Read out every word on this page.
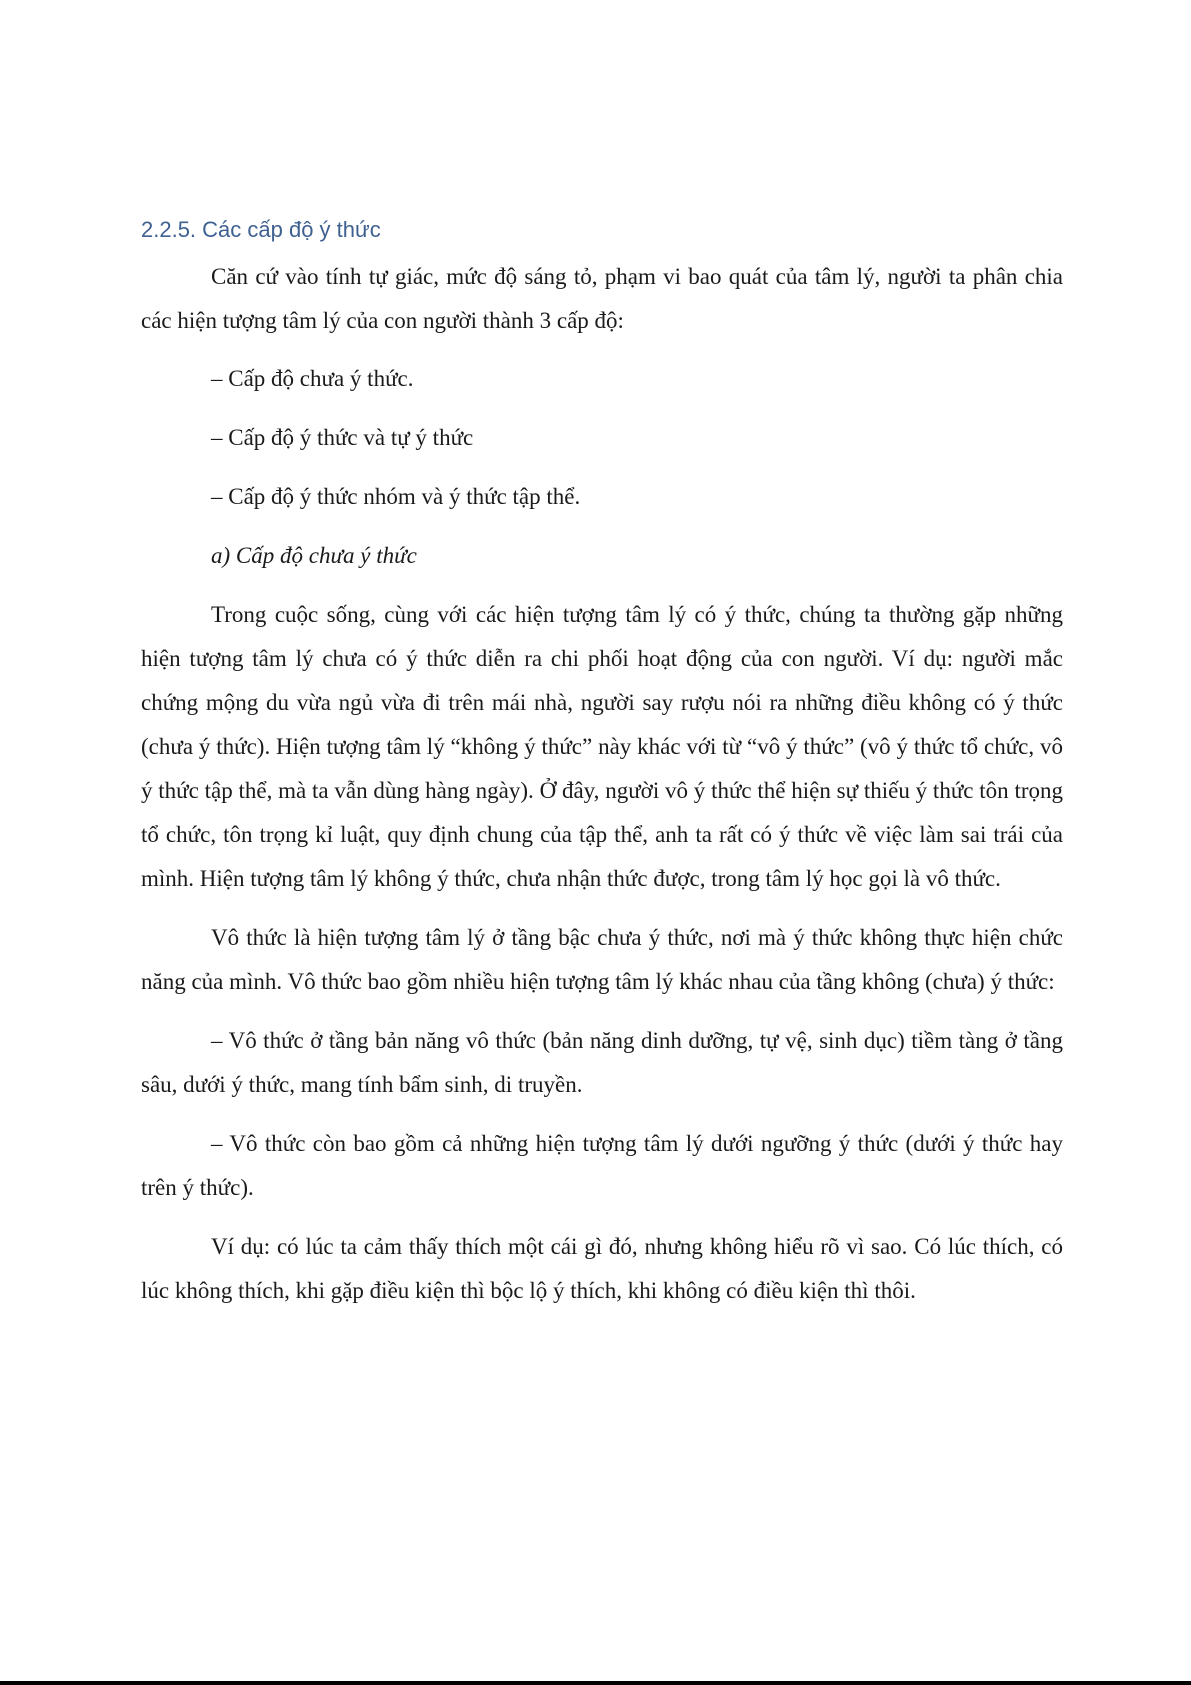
2.2.5. Các cấp độ ý thức

Căn cứ vào tính tự giác, mức độ sáng tỏ, phạm vi bao quát của tâm lý, người ta phân chia các hiện tượng tâm lý của con người thành 3 cấp độ:

– Cấp độ chưa ý thức.

– Cấp độ ý thức và tự ý thức

– Cấp độ ý thức nhóm và ý thức tập thể.

a) Cấp độ chưa ý thức

Trong cuộc sống, cùng với các hiện tượng tâm lý có ý thức, chúng ta thường gặp những hiện tượng tâm lý chưa có ý thức diễn ra chi phối hoạt động của con người. Ví dụ: người mắc chứng mộng du vừa ngủ vừa đi trên mái nhà, người say rượu nói ra những điều không có ý thức (chưa ý thức). Hiện tượng tâm lý “không ý thức” này khác với từ “vô ý thức” (vô ý thức tổ chức, vô ý thức tập thể, mà ta vẫn dùng hàng ngày). Ở đây, người vô ý thức thể hiện sự thiếu ý thức tôn trọng tổ chức, tôn trọng kỉ luật, quy định chung của tập thể, anh ta rất có ý thức về việc làm sai trái của mình. Hiện tượng tâm lý không ý thức, chưa nhận thức được, trong tâm lý học gọi là vô thức.

Vô thức là hiện tượng tâm lý ở tầng bậc chưa ý thức, nơi mà ý thức không thực hiện chức năng của mình. Vô thức bao gồm nhiều hiện tượng tâm lý khác nhau của tầng không (chưa) ý thức:

– Vô thức ở tầng bản năng vô thức (bản năng dinh dưỡng, tự vệ, sinh dục) tiềm tàng ở tầng sâu, dưới ý thức, mang tính bẩm sinh, di truyền.

– Vô thức còn bao gồm cả những hiện tượng tâm lý dưới ngưỡng ý thức (dưới ý thức hay trên ý thức).

Ví dụ: có lúc ta cảm thấy thích một cái gì đó, nhưng không hiểu rõ vì sao. Có lúc thích, có lúc không thích, khi gặp điều kiện thì bộc lộ ý thích, khi không có điều kiện thì thôi.
